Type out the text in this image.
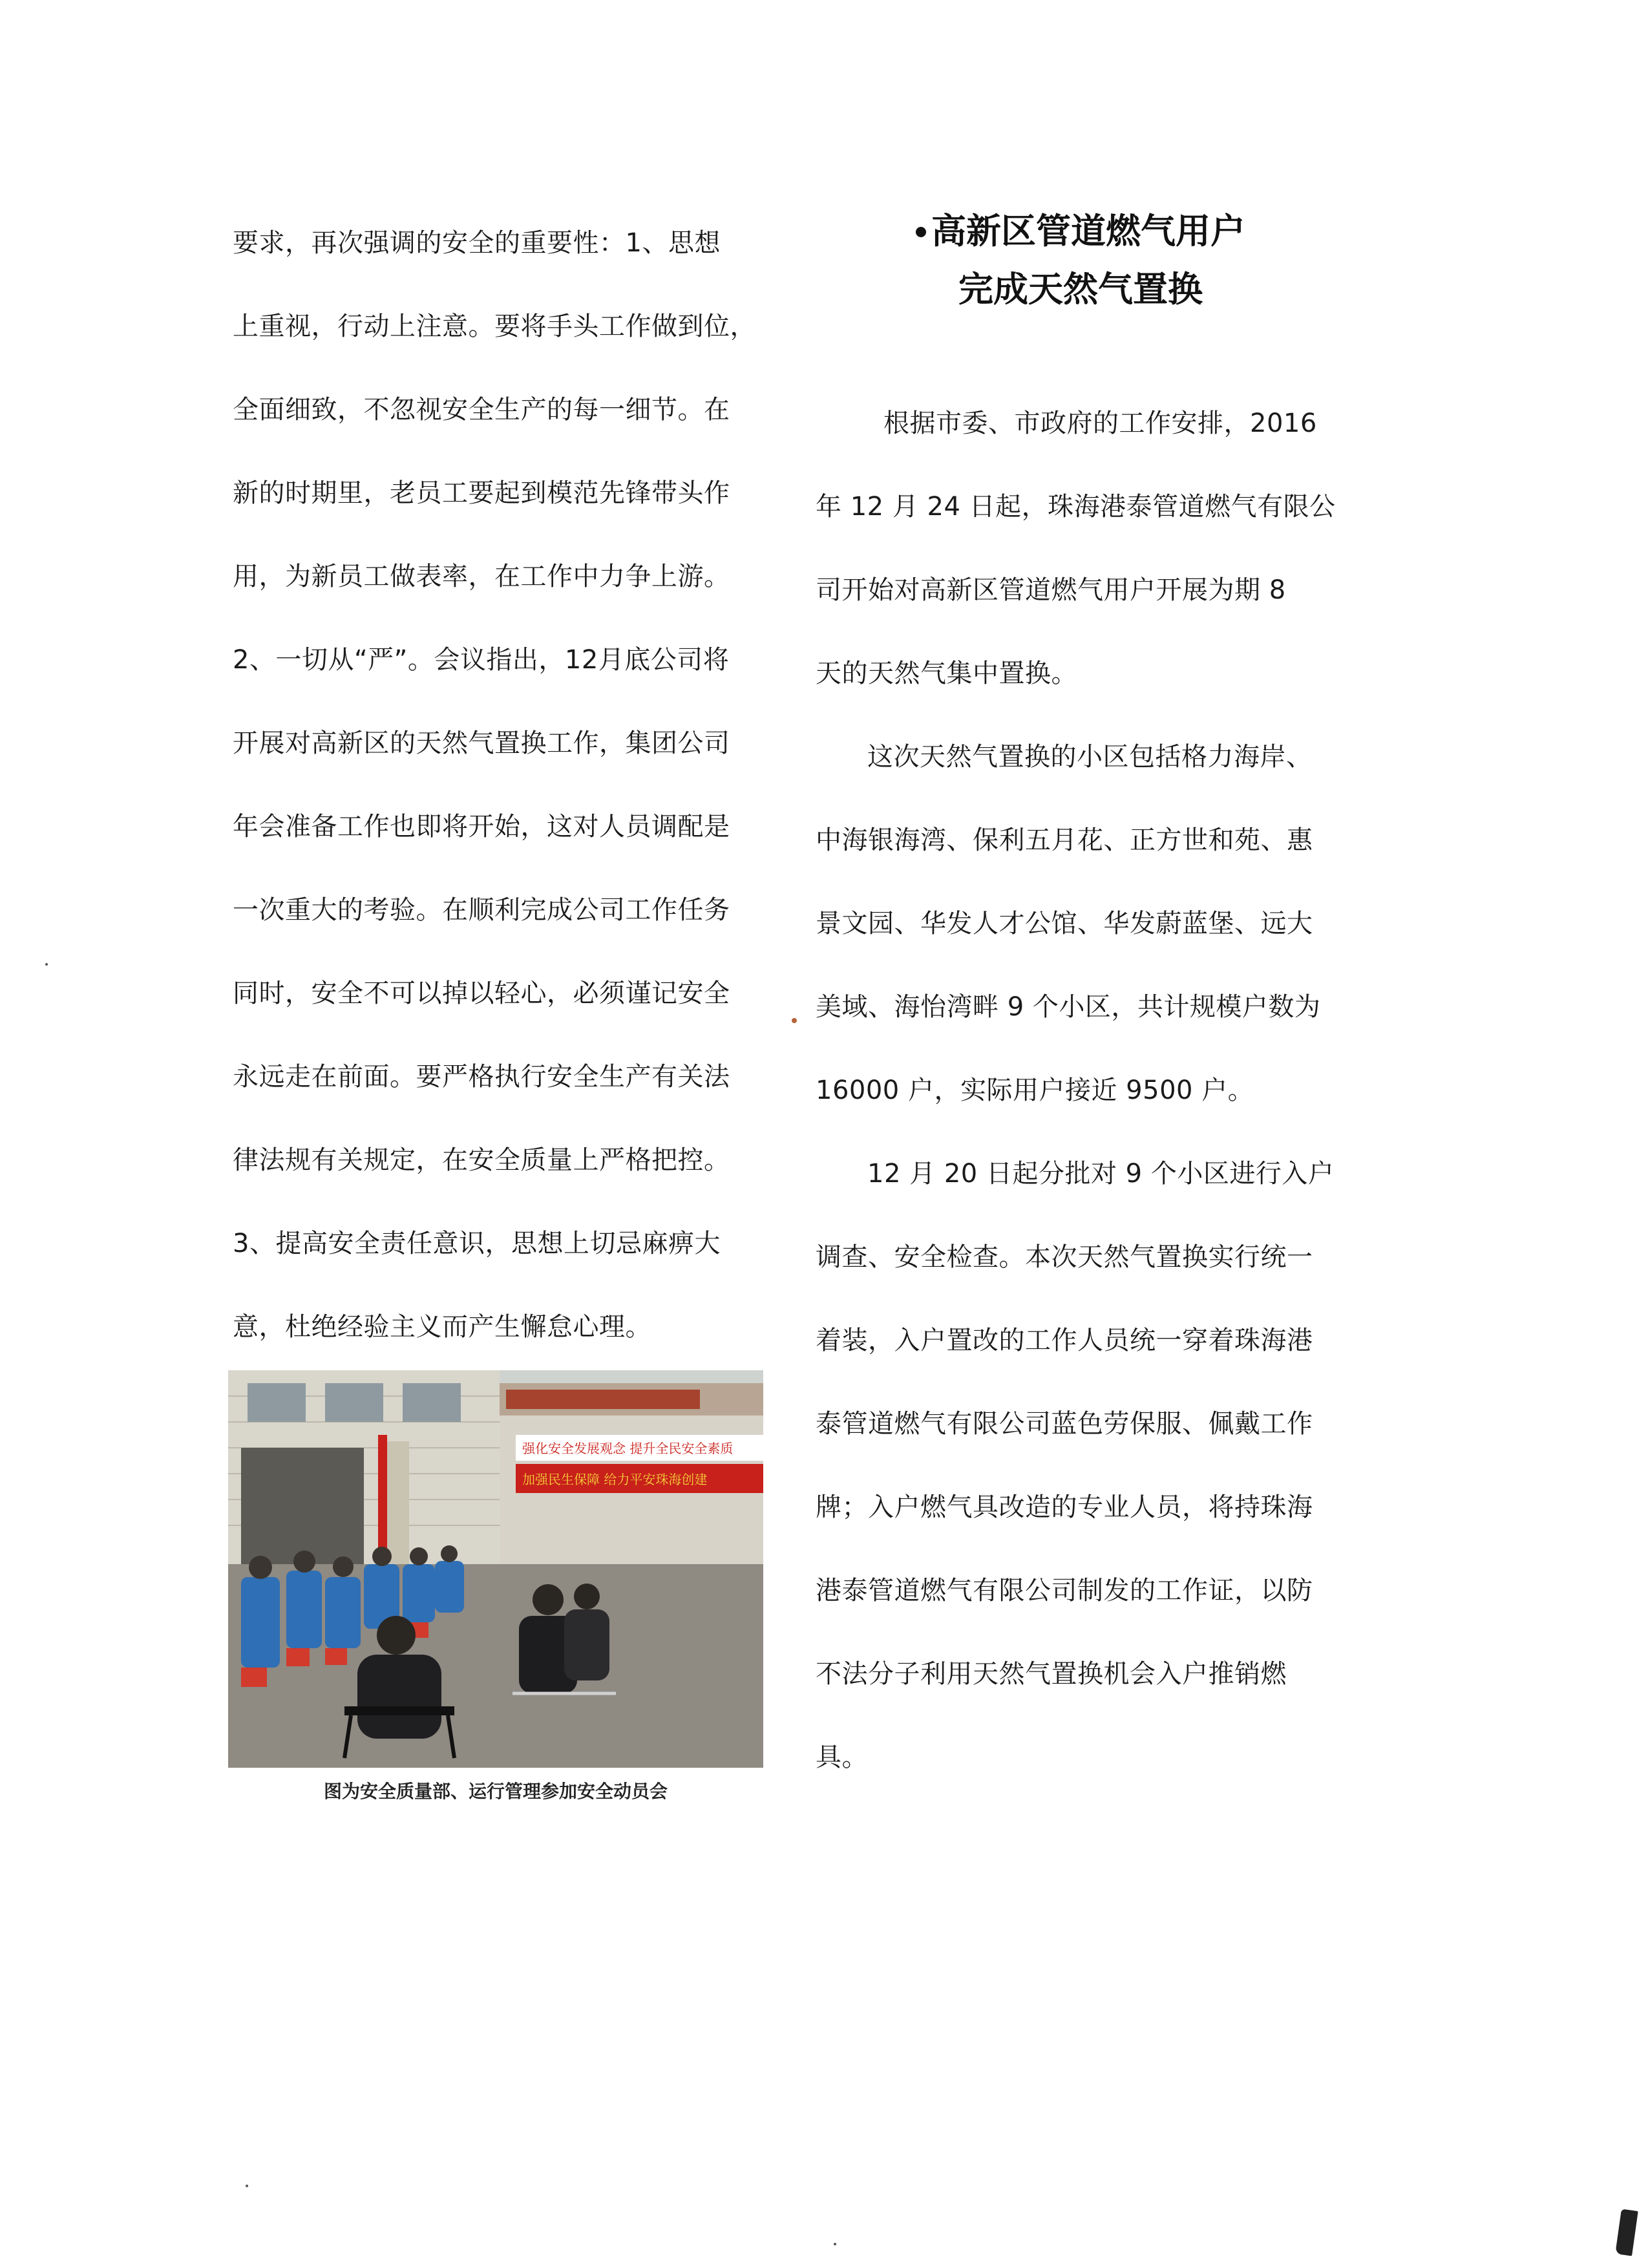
要求，再次强调的安全的重要性：1、思想
上重视，行动上注意。要将手头工作做到位，
全面细致，不忽视安全生产的每一细节。在
新的时期里，老员工要起到模范先锋带头作
用，为新员工做表率，在工作中力争上游。
2、一切从“严”。会议指出，12月底公司将
开展对高新区的天然气置换工作，集团公司
年会准备工作也即将开始，这对人员调配是
一次重大的考验。在顺利完成公司工作任务
同时，安全不可以掉以轻心，必须谨记安全
永远走在前面。要严格执行安全生产有关法
律法规有关规定，在安全质量上严格把控。
3、提高安全责任意识，思想上切忌麻痹大
意，杜绝经验主义而产生懈怠心理。
强化安全发展观念 提升全民安全素质
加强民生保障 给力平安珠海创建
图为安全质量部、运行管理参加安全动员会
高新区管道燃气用户
完成天然气置换
根据市委、市政府的工作安排，2016
年 12 月 24 日起，珠海港泰管道燃气有限公
司开始对高新区管道燃气用户开展为期 8
天的天然气集中置换。
这次天然气置换的小区包括格力海岸、
中海银海湾、保利五月花、正方世和苑、惠
景文园、华发人才公馆、华发蔚蓝堡、远大
美域、海怡湾畔 9 个小区，共计规模户数为
16000 户，实际用户接近 9500 户。
12 月 20 日起分批对 9 个小区进行入户
调查、安全检查。本次天然气置换实行统一
着装，入户置改的工作人员统一穿着珠海港
泰管道燃气有限公司蓝色劳保服、佩戴工作
牌；入户燃气具改造的专业人员，将持珠海
港泰管道燃气有限公司制发的工作证，以防
不法分子利用天然气置换机会入户推销燃
具。
